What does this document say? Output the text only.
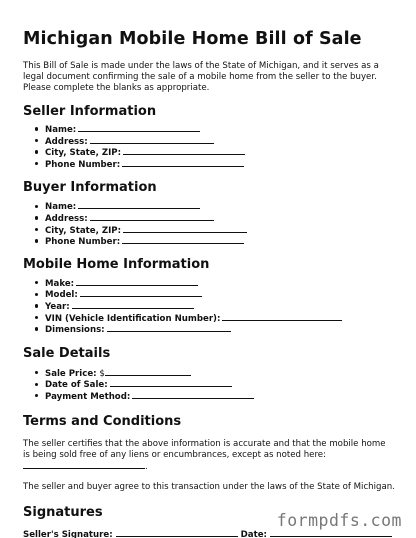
Michigan Mobile Home Bill of Sale

This Bill of Sale is made under the laws of the State of Michigan, and it serves as a legal document confirming the sale of a mobile home from the seller to the buyer. Please complete the blanks as appropriate.

Seller Information
Name:
Address:
City, State, ZIP:
Phone Number:
Buyer Information
Name:
Address:
City, State, ZIP:
Phone Number:
Mobile Home Information
Make:
Model:
Year:
VIN (Vehicle Identification Number):
Dimensions:
Sale Details
Sale Price: $
Date of Sale:
Payment Method:
Terms and Conditions

The seller certifies that the above information is accurate and that the mobile home is being sold free of any liens or encumbrances, except as noted here:
.

The seller and buyer agree to this transaction under the laws of the State of Michigan.

Signatures
Seller's Signature:	Date:
formpdfs.com
